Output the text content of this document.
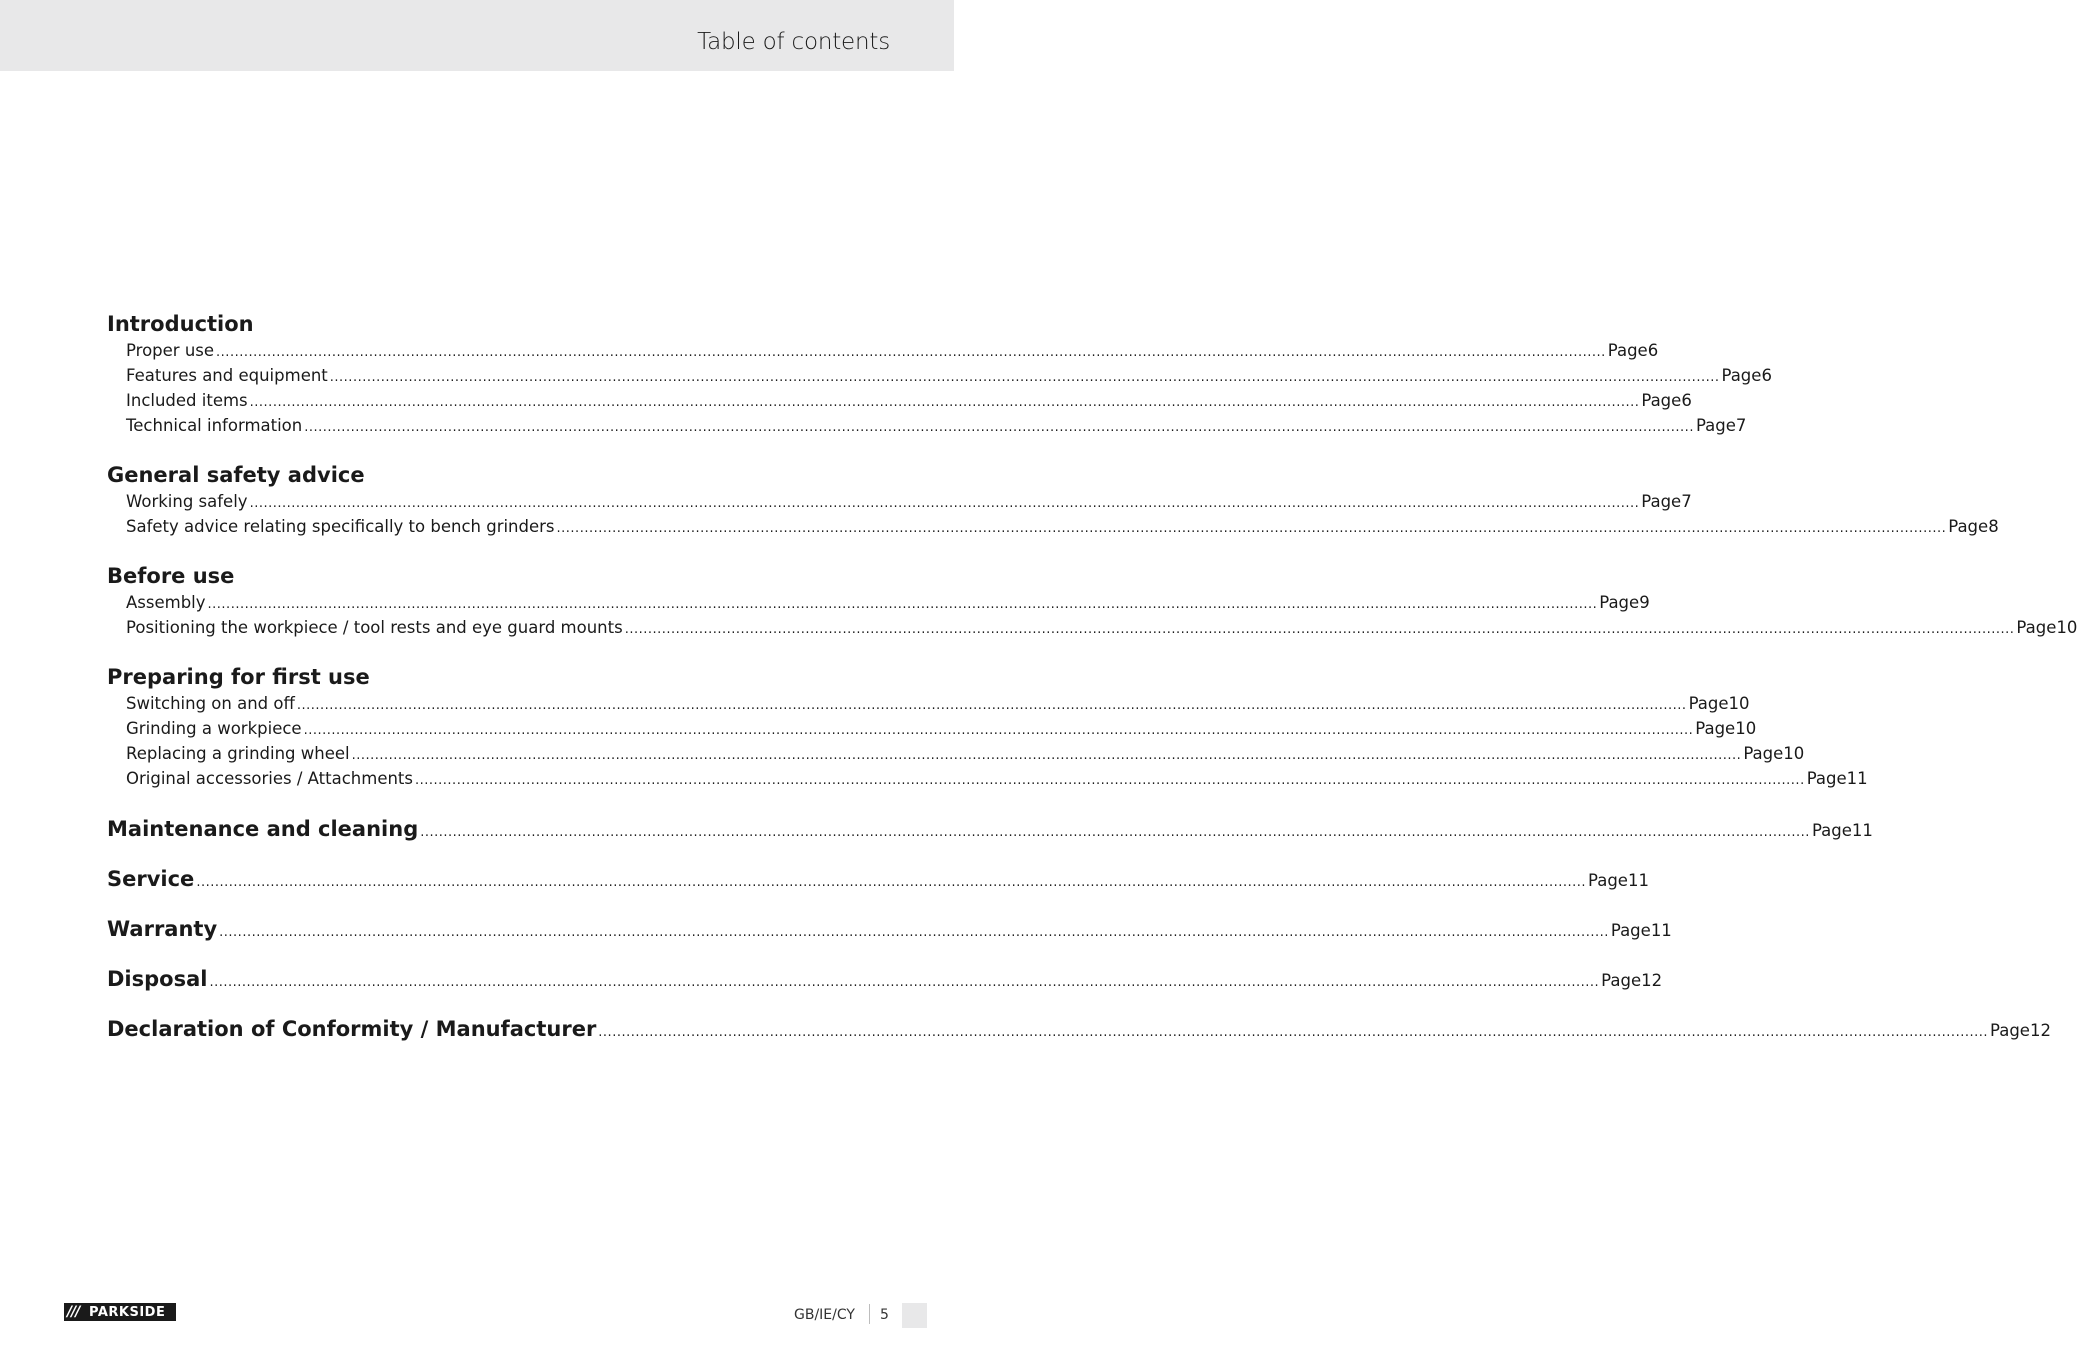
Table of contents
Introduction
Proper use ............................................................................................................................................................................................................................................................................................................ Page 6
Features and equipment ............................................................................................................................................................................................................................................................................................................ Page 6
Included items ............................................................................................................................................................................................................................................................................................................ Page 6
Technical information ............................................................................................................................................................................................................................................................................................................ Page 7
General safety advice
Working safely ............................................................................................................................................................................................................................................................................................................ Page 7
Safety advice relating specifically to bench grinders ............................................................................................................................................................................................................................................................................................................ Page 8
Before use
Assembly ............................................................................................................................................................................................................................................................................................................ Page 9
Positioning the workpiece / tool rests and eye guard mounts ............................................................................................................................................................................................................................................................................................................ Page 10
Preparing for first use
Switching on and off ............................................................................................................................................................................................................................................................................................................ Page 10
Grinding a workpiece ............................................................................................................................................................................................................................................................................................................ Page 10
Replacing a grinding wheel ............................................................................................................................................................................................................................................................................................................ Page 10
Original accessories / Attachments ............................................................................................................................................................................................................................................................................................................ Page 11
Maintenance and cleaning ............................................................................................................................................................................................................................................................................................................ Page 11
Service ............................................................................................................................................................................................................................................................................................................ Page 11
Warranty ............................................................................................................................................................................................................................................................................................................ Page 11
Disposal ............................................................................................................................................................................................................................................................................................................ Page 12
Declaration of Conformity / Manufacturer ............................................................................................................................................................................................................................................................................................................ Page 12
/// PARKSIDE	GB/IE/CY 5
